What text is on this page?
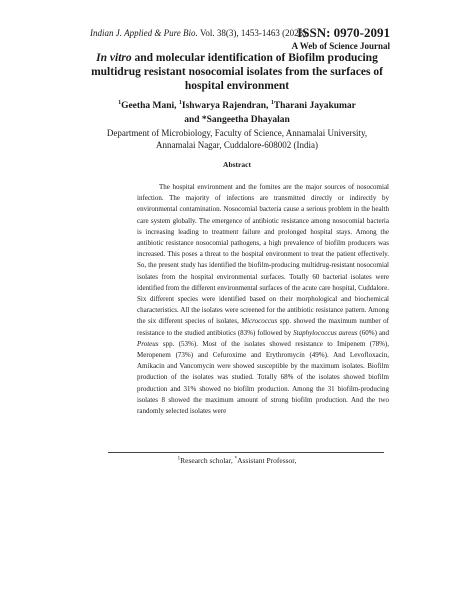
Indian J. Applied & Pure Bio. Vol. 38(3), 1453-1463 (2023).
ISSN: 0970-2091
A Web of Science Journal
In vitro and molecular identification of Biofilm producing multidrug resistant nosocomial isolates from the surfaces of hospital environment
$^1$Geetha Mani, $^1$Ishwarya Rajendran, $^1$Tharani Jayakumar
and *Sangeetha Dhayalan
Department of Microbiology, Faculty of Science, Annamalai University,
Annamalai Nagar, Cuddalore-608002 (India)
Abstract

The hospital environment and the fomites are the major sources of nosocomial infection. The majority of infections are transmitted directly or indirectly by environmental contamination. Nosocomial bacteria cause a serious problem in the health care system globally. The emergence of antibiotic resistance among nosocomial bacteria is increasing leading to treatment failure and prolonged hospital stays. Among the antibiotic resistance nosocomial pathogens, a high prevalence of biofilm producers was increased. This poses a threat to the hospital environment to treat the patient effectively. So, the present study has identified the biofilm-producing multidrug-resistant nosocomial isolates from the hospital environmental surfaces. Totally 60 bacterial isolates were identified from the different environmental surfaces of the acute care hospital, Cuddalore. Six different species were identified based on their morphological and biochemical characteristics. All the isolates were screened for the antibiotic resistance pattern. Among the six different species of isolates, Micrococcus spp. showed the maximum number of resistance to the studied antibiotics (83%) followed by Staphylococcus aureus (60%) and Proteus spp. (53%). Most of the isolates showed resistance to Imipenem (78%), Meropenem (73%) and Cefuroxime and Erythromycin (49%). And Levofloxacin, Amikacin and Vancomycin were showed susceptible by the maximum isolates. Biofilm production of the isolates was studied. Totally 68% of the isolates showed biofilm production and 31% showed no biofilm production. Among the 31 biofilm-producing isolates 8 showed the maximum amount of strong biofilm production. And the two randomly selected isolates were

$^1$Research scholar, *Assistant Professor,
